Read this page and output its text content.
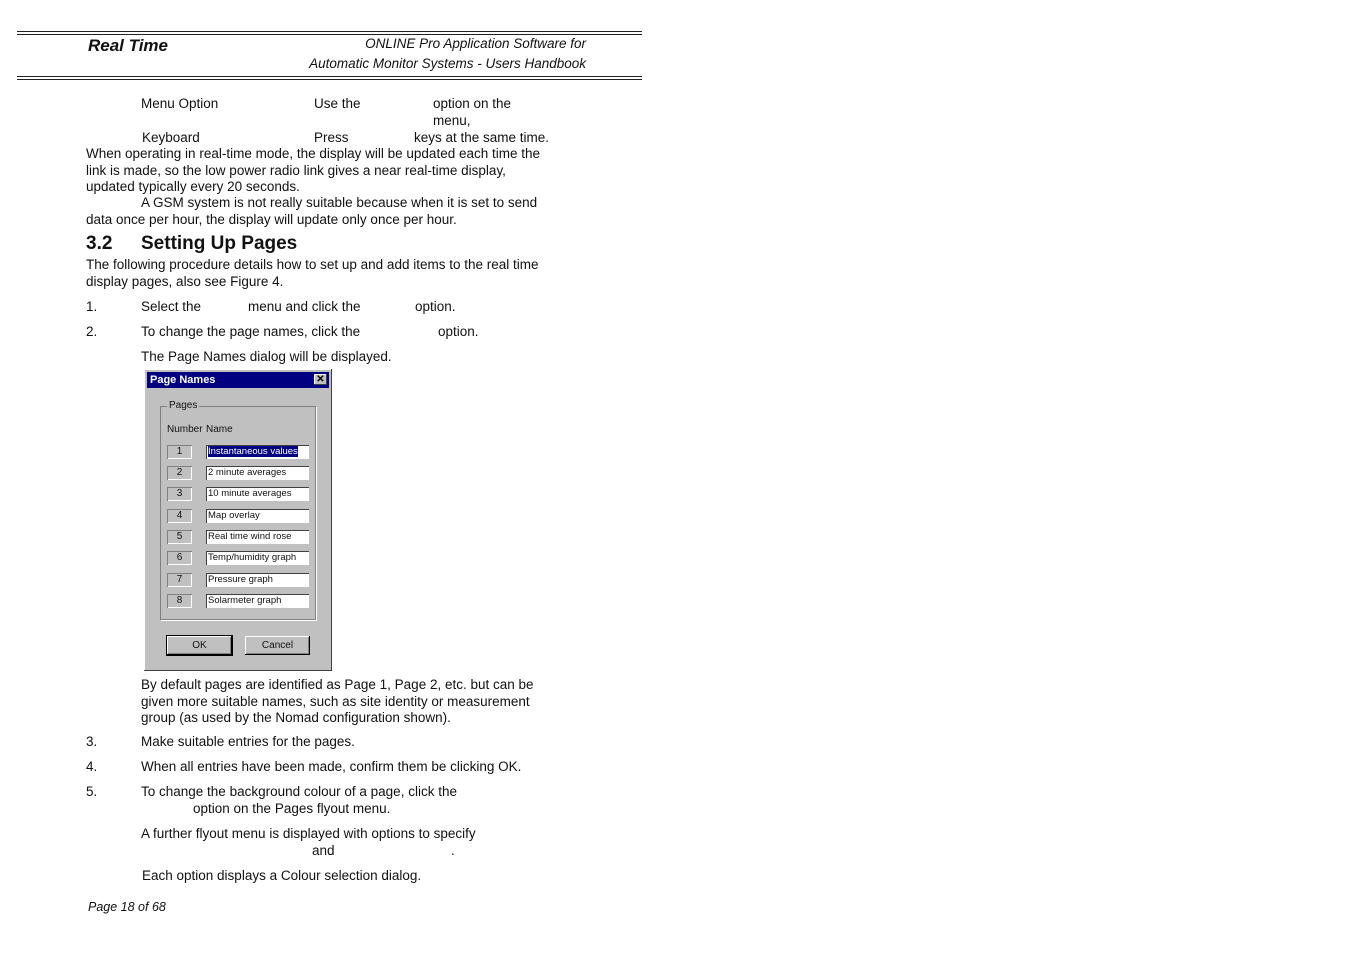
Real Time	ONLINE Pro Application Software for
Automatic Monitor Systems - Users Handbook
Menu Option	Use the	option on the
menu,
Keyboard	Press	keys at the same time.
When operating in real-time mode, the display will be updated each time the
link is made, so the low power radio link gives a near real-time display,
updated typically every 20 seconds.
A GSM system is not really suitable because when it is set to send
data once per hour, the display will update only once per hour.
3.2 Setting Up Pages
The following procedure details how to set up and add items to the real time
display pages, also see Figure 4.
1.	Select the	menu and click the	option.
2.	To change the page names, click the	option.
The Page Names dialog will be displayed.
Page Names	✕
Pages
Number Name
1	Instantaneous values
2	2 minute averages
3	10 minute averages
4	Map overlay
5	Real time wind rose
6	Temp/humidity graph
7	Pressure graph
8	Solarmeter graph
OK	Cancel
By default pages are identified as Page 1, Page 2, etc. but can be
given more suitable names, such as site identity or measurement
group (as used by the Nomad configuration shown).
3.	Make suitable entries for the pages.
4.	When all entries have been made, confirm them be clicking OK.
5.	To change the background colour of a page, click the
option on the Pages flyout menu.
A further flyout menu is displayed with options to specify
and	.
Each option displays a Colour selection dialog.
Page 18 of 68
